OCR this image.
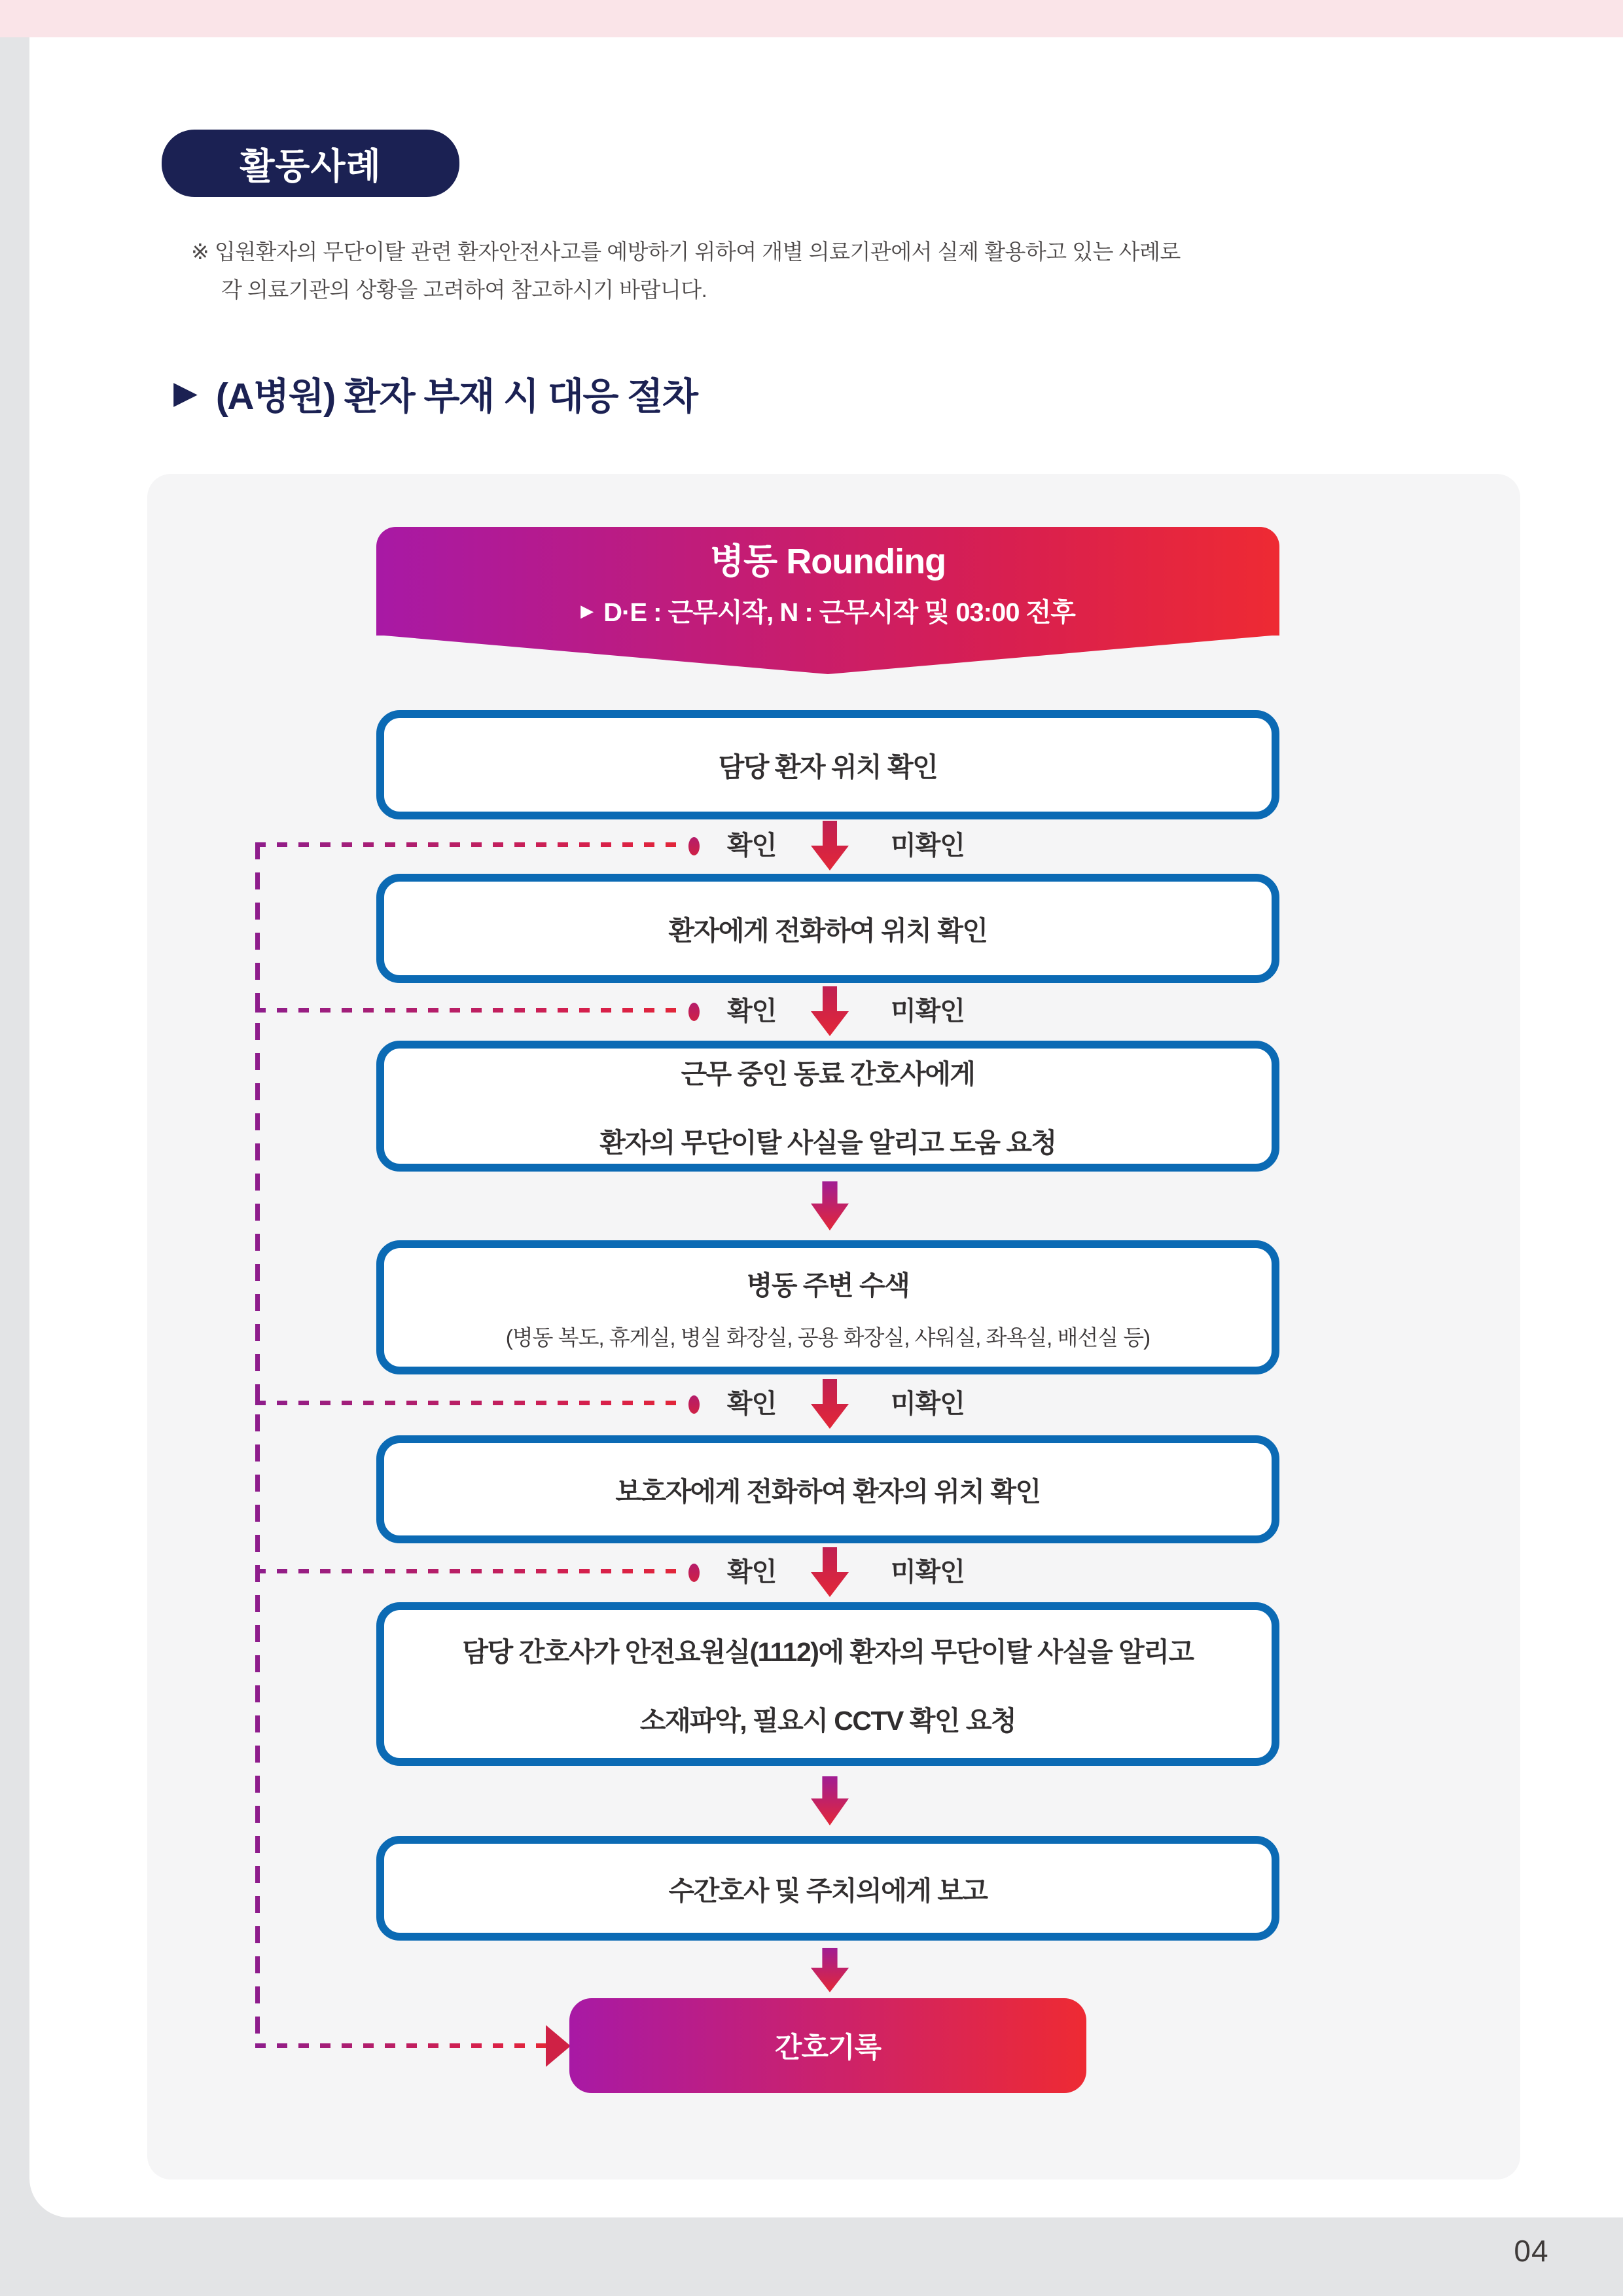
활동사례
※ 입원환자의 무단이탈 관련 환자안전사고를 예방하기 위하여 개별 의료기관에서 실제 활용하고 있는 사례로
각 의료기관의 상황을 고려하여 참고하시기 바랍니다.
▶ (A병원) 환자 부재 시 대응 절차
병동 Rounding
▶ D·E : 근무시작, N : 근무시작 및 03:00 전후
담당 환자 위치 확인
확인	미확인
환자에게 전화하여 위치 확인
확인	미확인
근무 중인 동료 간호사에게
환자의 무단이탈 사실을 알리고 도움 요청
병동 주변 수색
(병동 복도, 휴게실, 병실 화장실, 공용 화장실, 샤워실, 좌욕실, 배선실 등)
확인	미확인
보호자에게 전화하여 환자의 위치 확인
확인	미확인
담당 간호사가 안전요원실(1112)에 환자의 무단이탈 사실을 알리고
소재파악, 필요시 CCTV 확인 요청
수간호사 및 주치의에게 보고
간호기록
04
